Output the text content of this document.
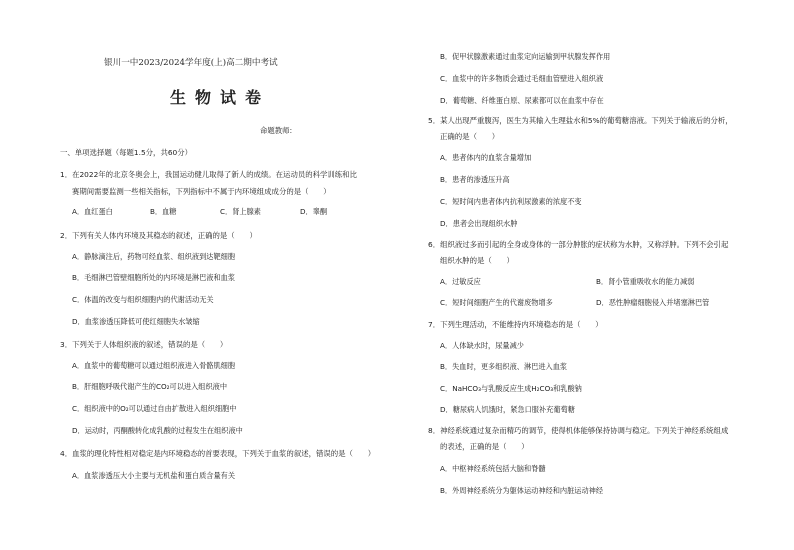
银川一中2023/2024学年度(上)高二期中考试
生物试卷
命题教师:
一、单项选择题（每题1.5分，共60分）
1．在2022年的北京冬奥会上，我国运动健儿取得了新人的成绩。在运动员的科学训练和比
赛期间需要监测一些相关指标，下列指标中不属于内环境组成成分的是（　　）
A．血红蛋白	B．血糖	C．肾上腺素	D．睾酮
2．下列有关人体内环境及其稳态的叙述，正确的是（　　）
A．静脉滴注后，药物可经血浆、组织液到达靶细胞
B．毛细淋巴管壁细胞所处的内环境是淋巴液和血浆
C．体温的改变与组织细胞内的代谢活动无关
D．血浆渗透压降低可使红细胞失水皱缩
3．下列关于人体组织液的叙述，错误的是（　　）
A．血浆中的葡萄糖可以通过组织液进入骨骼肌细胞
B．肝细胞呼吸代谢产生的CO₂可以进入组织液中
C．组织液中的O₂可以通过自由扩散进入组织细胞中
D．运动时，丙酮酸转化成乳酸的过程发生在组织液中
4．血浆的理化特性相对稳定是内环境稳态的首要表现，下列关于血浆的叙述，错误的是（　　）
A．血浆渗透压大小主要与无机盐和蛋白质含量有关
B．促甲状腺激素通过血浆定向运输到甲状腺发挥作用
C．血浆中的许多物质会通过毛细血管壁进入组织液
D．葡萄糖、纤维蛋白原、尿素都可以在血浆中存在
5．某人出现严重腹泻，医生为其输入生理盐水和5%的葡萄糖溶液。下列关于输液后的分析，
正确的是（　　）
A．患者体内的血浆含量增加
B．患者的渗透压升高
C．短时间内患者体内抗利尿激素的浓度不变
D．患者会出现组织水肿
6．组织液过多而引起的全身或身体的一部分肿胀的症状称为水肿，又称浮肿。下列不会引起
组织水肿的是（　　）
A．过敏反应	B．肾小管重吸收水的能力减弱
C．短时间细胞产生的代谢废物增多	D．恶性肿瘤细胞侵入并堵塞淋巴管
7．下列生理活动，不能维持内环境稳态的是（　　）
A．人体缺水时，尿量减少
B．失血时，更多组织液、淋巴进入血浆
C．NaHCO₃与乳酸反应生成H₂CO₃和乳酸钠
D．糖尿病人饥饿时，紧急口服补充葡萄糖
8．神经系统通过复杂而精巧的调节，使得机体能够保持协调与稳定。下列关于神经系统组成
的表述，正确的是（　　）
A．中枢神经系统包括大脑和脊髓
B．外周神经系统分为躯体运动神经和内脏运动神经
